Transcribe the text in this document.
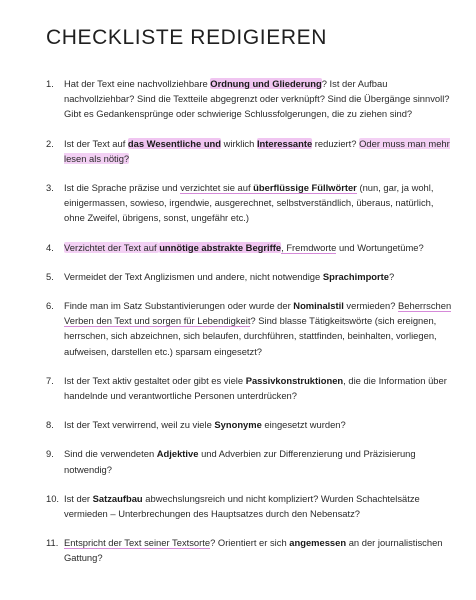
CHECKLISTE REDIGIEREN
1.	Hat der Text eine nachvollziehbare Ordnung und Gliederung? Ist der Aufbau nachvollziehbar? Sind die Textteile abgegrenzt oder verknüpft? Sind die Übergänge sinnvoll? Gibt es Gedankensprünge oder schwierige Schlussfolgerungen, die zu ziehen sind?
2.	Ist der Text auf das Wesentliche und wirklich Interessante reduziert? Oder muss man mehr lesen als nötig?
3.	Ist die Sprache präzise und verzichtet sie auf überflüssige Füllwörter (nun, gar, ja wohl, einigermassen, sowieso, irgendwie, ausgerechnet, selbstverständlich, überaus, natürlich, ohne Zweifel, übrigens, sonst, ungefähr etc.)
4.	Verzichtet der Text auf unnötige abstrakte Begriffe, Fremdworte und Wortungetüme?
5.	Vermeidet der Text Anglizismen und andere, nicht notwendige Sprachimporte?
6.	Finde man im Satz Substantivierungen oder wurde der Nominalstil vermieden? Beherrschen Verben den Text und sorgen für Lebendigkeit? Sind blasse Tätigkeitswörte (sich ereignen, herrschen, sich abzeichnen, sich belaufen, durchführen, stattfinden, beinhalten, vorliegen, aufweisen, darstellen etc.) sparsam eingesetzt?
7.	Ist der Text aktiv gestaltet oder gibt es viele Passivkonstruktionen, die die Information über handelnde und verantwortliche Personen unterdrücken?
8.	Ist der Text verwirrend, weil zu viele Synonyme eingesetzt wurden?
9.	Sind die verwendeten Adjektive und Adverbien zur Differenzierung und Präzisierung notwendig?
10. Ist der Satzaufbau abwechslungsreich und nicht kompliziert? Wurden Schachtelsätze vermieden – Unterbrechungen des Hauptsatzes durch den Nebensatz?
11. Entspricht der Text seiner Textsorte? Orientiert er sich angemessen an der journalistischen Gattung?
